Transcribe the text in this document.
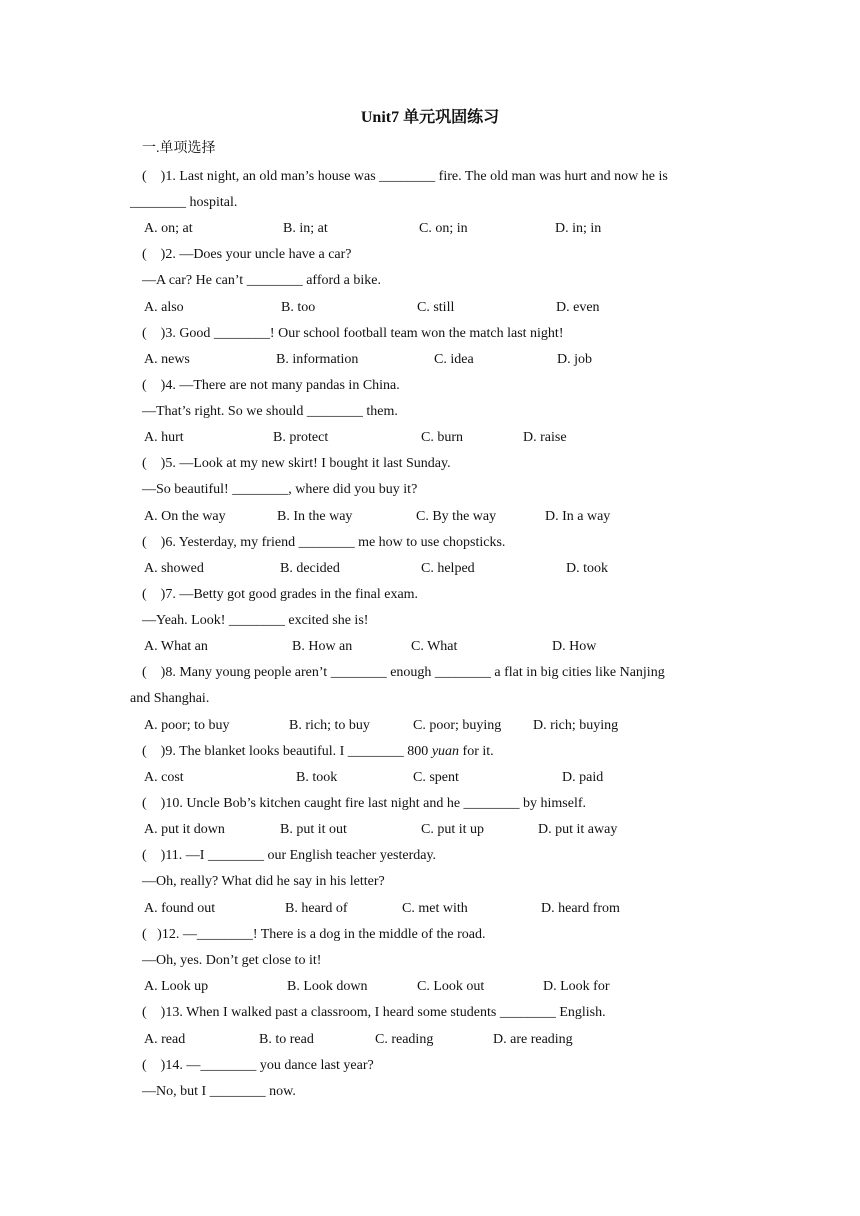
Unit7 单元巩固练习
一.单项选择
(    )1. Last night, an old man’s house was ________ fire. The old man was hurt and now he is
________ hospital.
A. on; at	B. in; at	C. on; in	D. in; in
(    )2. —Does your uncle have a car?
—A car? He can’t ________ afford a bike.
A. also	B. too	C. still	D. even
(    )3. Good ________! Our school football team won the match last night!
A. news	B. information	C. idea	D. job
(    )4. —There are not many pandas in China.
—That’s right. So we should ________ them.
A. hurt	B. protect	C. burn	D. raise
(    )5. —Look at my new skirt! I bought it last Sunday.
—So beautiful! ________, where did you buy it?
A. On the way	B. In the way	C. By the way	D. In a way
(    )6. Yesterday, my friend ________ me how to use chopsticks.
A. showed	B. decided	C. helped	D. took
(    )7. —Betty got good grades in the final exam.
—Yeah. Look! ________ excited she is!
A. What an	B. How an	C. What	D. How
(    )8. Many young people aren’t ________ enough ________ a flat in big cities like Nanjing
and Shanghai.
A. poor; to buy	B. rich; to buy	C. poor; buying D. rich; buying
(    )9. The blanket looks beautiful. I ________ 800 yuan for it.
A. cost	B. took	C. spent	D. paid
(    )10. Uncle Bob’s kitchen caught fire last night and he ________ by himself.
A. put it down	B. put it out	C. put it up	D. put it away
(    )11. —I ________ our English teacher yesterday.
—Oh, really? What did he say in his letter?
A. found out	B. heard of	C. met with	D. heard from
(   )12. —________! There is a dog in the middle of the road.
—Oh, yes. Don’t get close to it!
A. Look up	B. Look down	C. Look out	D. Look for
(    )13. When I walked past a classroom, I heard some students ________ English.
A. read	B. to read	C. reading	D. are reading
(    )14. —________ you dance last year?
—No, but I ________ now.
